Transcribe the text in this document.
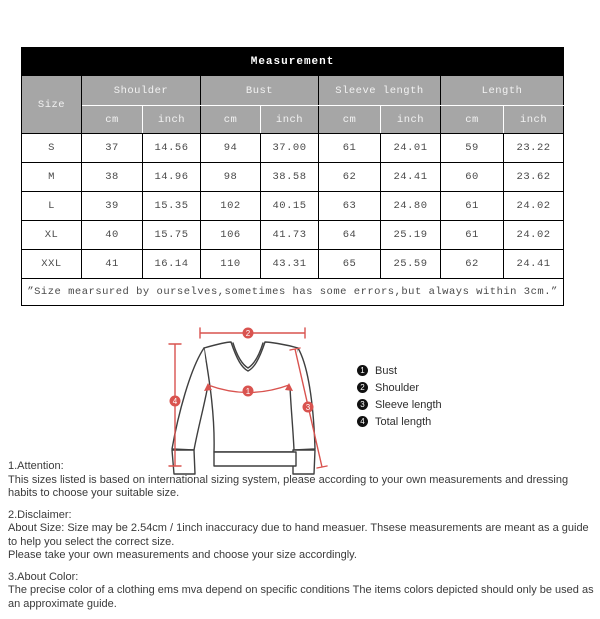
Measurement								
Size	Shoulder		Bust		Sleeve length		Length	
	cm	inch	cm	inch	cm	inch	cm	inch
S	37	14.56	94	37.00	61	24.01	59	23.22
M	38	14.96	98	38.58	62	24.41	60	23.62
L	39	15.35	102	40.15	63	24.80	61	24.02
XL	40	15.75	106	41.73	64	25.19	61	24.02
XXL	41	16.14	110	43.31	65	25.59	62	24.41
”Size mearsured by ourselves,sometimes has some errors,but always within 3cm.”								
2
1
4
3
1 Bust
2 Shoulder
3 Sleeve length
4 Total length

1.Attention:

This sizes listed is based on international sizing system, please according to your own measurements and dressing habits to choose your suitable size.

2.Disclaimer:

About Size: Size may be 2.54cm / 1inch inaccuracy due to hand measuer. Thsese measurements are meant as a guide to help you select the correct size.

Please take your own measurements and choose your size accordingly.

3.About Color:

The precise color of a clothing ems mva depend on specific conditions The items colors depicted should only be used as

an approximate guide.
